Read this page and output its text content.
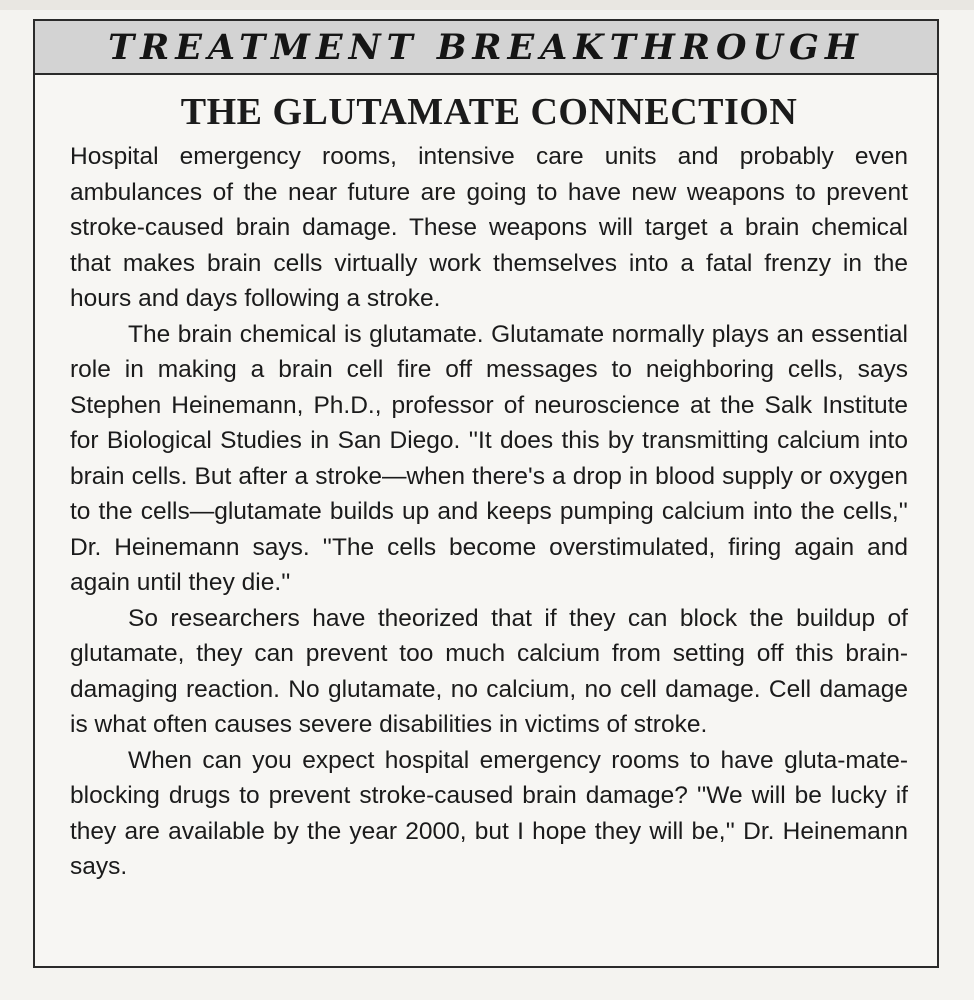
TREATMENT BREAKTHROUGH
THE GLUTAMATE CONNECTION

Hospital emergency rooms, intensive care units and probably even ambulances of the near future are going to have new weapons to prevent stroke-caused brain damage. These weapons will target a brain chemical that makes brain cells virtually work themselves into a fatal frenzy in the hours and days following a stroke.

The brain chemical is glutamate. Glutamate normally plays an essential role in making a brain cell fire off messages to neighboring cells, says Stephen Heinemann, Ph.D., professor of neuroscience at the Salk Institute for Biological Studies in San Diego. ''It does this by transmitting calcium into brain cells. But after a stroke—when there's a drop in blood supply or oxygen to the cells—glutamate builds up and keeps pumping calcium into the cells,'' Dr. Heinemann says. ''The cells become overstimulated, firing again and again until they die.''

So researchers have theorized that if they can block the buildup of glutamate, they can prevent too much calcium from setting off this brain-damaging reaction. No glutamate, no calcium, no cell damage. Cell damage is what often causes severe disabilities in victims of stroke.

When can you expect hospital emergency rooms to have gluta-mate-blocking drugs to prevent stroke-caused brain damage? ''We will be lucky if they are available by the year 2000, but I hope they will be,'' Dr. Heinemann says.
